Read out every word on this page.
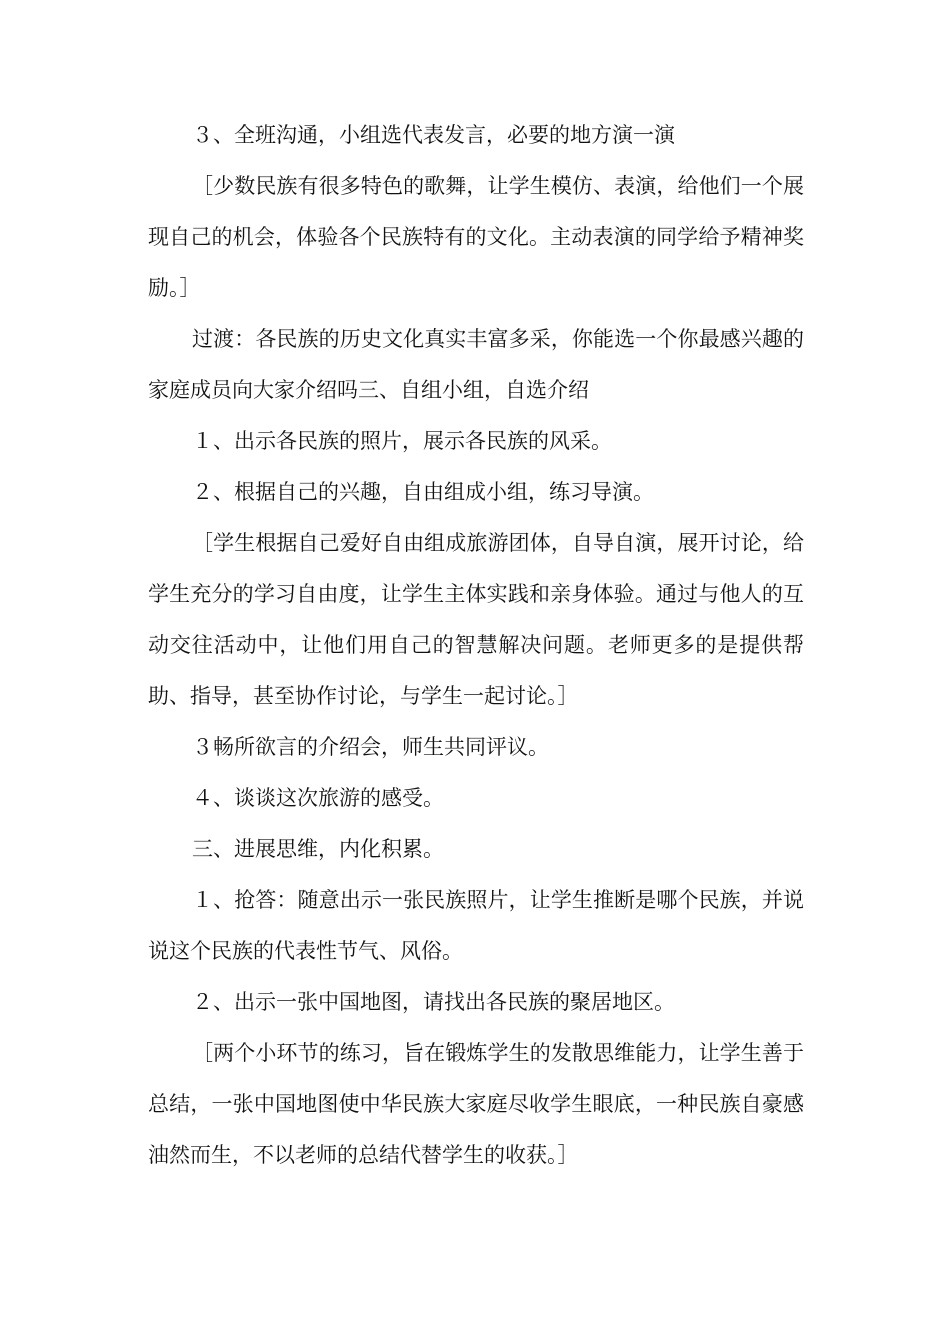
３、全班沟通，小组选代表发言，必要的地方演一演

［少数民族有很多特色的歌舞，让学生模仿、表演，给他们一个展现自己的机会，体验各个民族特有的文化。主动表演的同学给予精神奖励。］

过渡：各民族的历史文化真实丰富多采，你能选一个你最感兴趣的家庭成员向大家介绍吗三、自组小组，自选介绍

１、出示各民族的照片，展示各民族的风采。

２、根据自己的兴趣，自由组成小组，练习导演。

［学生根据自己爱好自由组成旅游团体，自导自演，展开讨论，给学生充分的学习自由度，让学生主体实践和亲身体验。通过与他人的互动交往活动中，让他们用自己的智慧解决问题。老师更多的是提供帮助、指导，甚至协作讨论，与学生一起讨论。］

３畅所欲言的介绍会，师生共同评议。

４、谈谈这次旅游的感受。

三、进展思维，内化积累。

１、抢答：随意出示一张民族照片，让学生推断是哪个民族，并说说这个民族的代表性节气、风俗。

２、出示一张中国地图，请找出各民族的聚居地区。

［两个小环节的练习，旨在锻炼学生的发散思维能力，让学生善于总结，一张中国地图使中华民族大家庭尽收学生眼底，一种民族自豪感油然而生，不以老师的总结代替学生的收获。］
